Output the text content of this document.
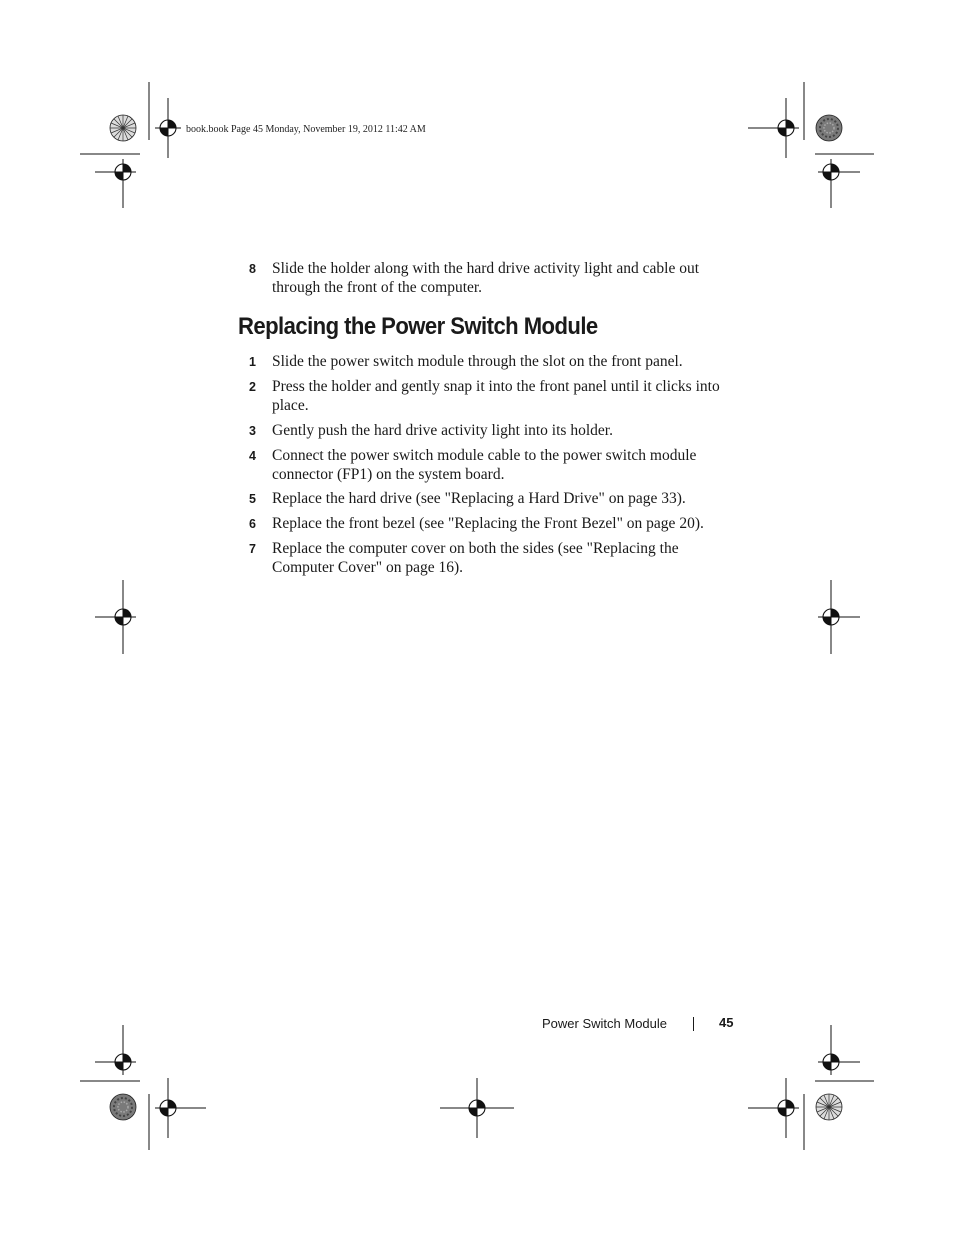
book.book Page 45 Monday, November 19, 2012 11:42 AM
8 Slide the holder along with the hard drive activity light and cable out
through the front of the computer.
Replacing the Power Switch Module
1 Slide the power switch module through the slot on the front panel.
2 Press the holder and gently snap it into the front panel until it clicks into
place.
3 Gently push the hard drive activity light into its holder.
4 Connect the power switch module cable to the power switch module
connector (FP1) on the system board.
5 Replace the hard drive (see "Replacing a Hard Drive" on page 33).
6 Replace the front bezel (see "Replacing the Front Bezel" on page 20).
7 Replace the computer cover on both the sides (see "Replacing the
Computer Cover" on page 16).
Power Switch Module	45
